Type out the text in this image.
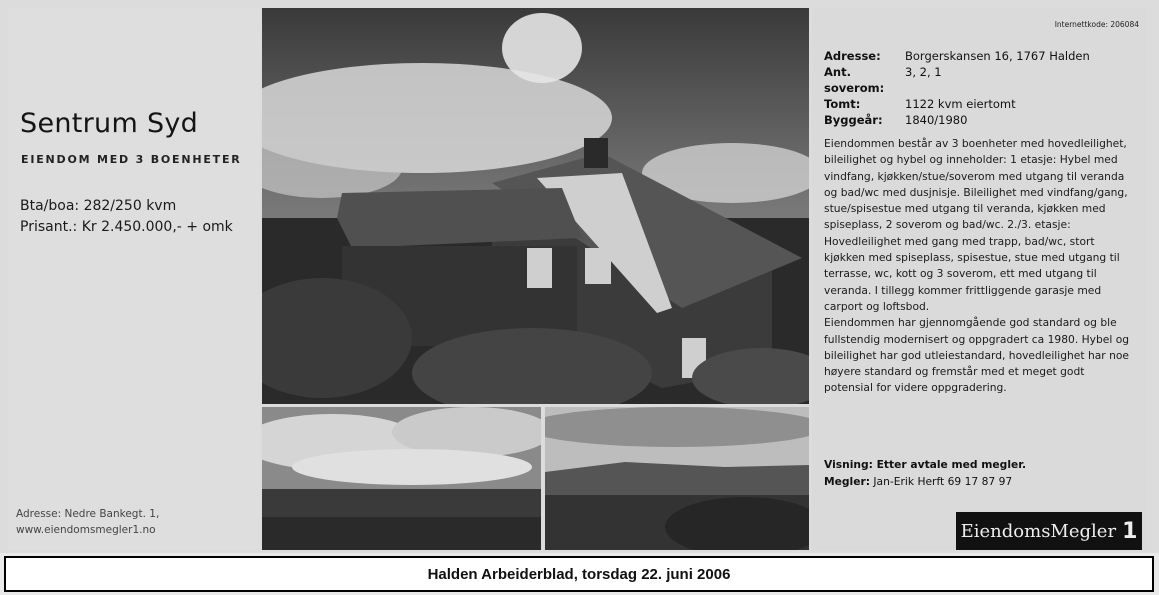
Sentrum Syd
EIENDOM MED 3 BOENHETER
Bta/boa: 282/250 kvm
Prisant.: Kr 2.450.000,- + omk
Adresse: Nedre Bankegt. 1,
www.eiendomsmegler1.no
Internettkode: 206084
Adresse:	Borgerskansen 16, 1767 Halden
Ant. soverom:
3, 2, 1
Tomt:	1122 kvm eiertomt
Byggeår:	1840/1980

Eiendommen består av 3 boenheter med hovedleilighet, bileilighet og hybel og inneholder: 1 etasje: Hybel med vindfang, kjøkken/stue/soverom med utgang til veranda og bad/wc med dusjnisje. Bileilighet med vindfang/gang, stue/spisestue med utgang til veranda, kjøkken med spiseplass, 2 soverom og bad/wc. 2./3. etasje: Hovedleilighet med gang med trapp, bad/wc, stort kjøkken med spiseplass, spisestue, stue med utgang til terrasse, wc, kott og 3 soverom, ett med utgang til veranda. I tillegg kommer frittliggende garasje med carport og loftsbod.

Eiendommen har gjennomgående god standard og ble fullstendig modernisert og oppgradert ca 1980. Hybel og bileilighet har god utleiestandard, hovedleilighet har noe høyere standard og fremstår med et meget godt potensial for videre oppgradering.

Visning: Etter avtale med megler.
Megler: Jan-Erik Herft 69 17 87 97
EiendomsMegler 1
Halden Arbeiderblad, torsdag 22. juni 2006
